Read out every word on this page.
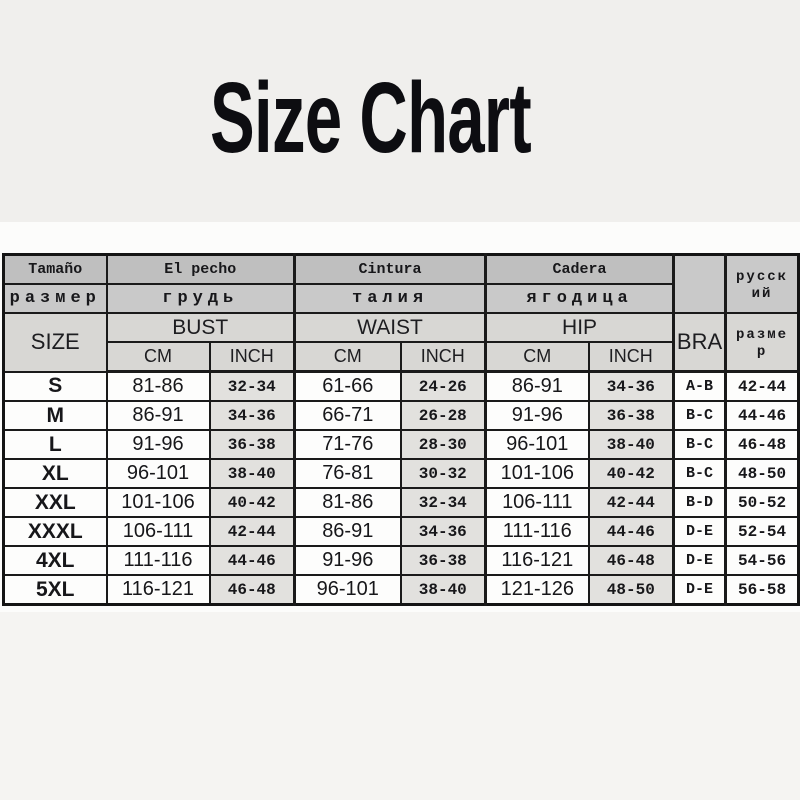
Size Chart
Tamaño	El pecho		Cintura		Cadera			русский
размер	грудь		талия		ягодица			
SIZE	BUST		WAIST		HIP		BRA	размер
	CM	INCH	CM	INCH	CM	INCH		
S	81-86	32-34	61-66	24-26	86-91	34-36	A-B	42-44
M	86-91	34-36	66-71	26-28	91-96	36-38	B-C	44-46
L	91-96	36-38	71-76	28-30	96-101	38-40	B-C	46-48
XL	96-101	38-40	76-81	30-32	101-106	40-42	B-C	48-50
XXL	101-106	40-42	81-86	32-34	106-111	42-44	B-D	50-52
XXXL	106-111	42-44	86-91	34-36	111-116	44-46	D-E	52-54
4XL	111-116	44-46	91-96	36-38	116-121	46-48	D-E	54-56
5XL	116-121	46-48	96-101	38-40	121-126	48-50	D-E	56-58
